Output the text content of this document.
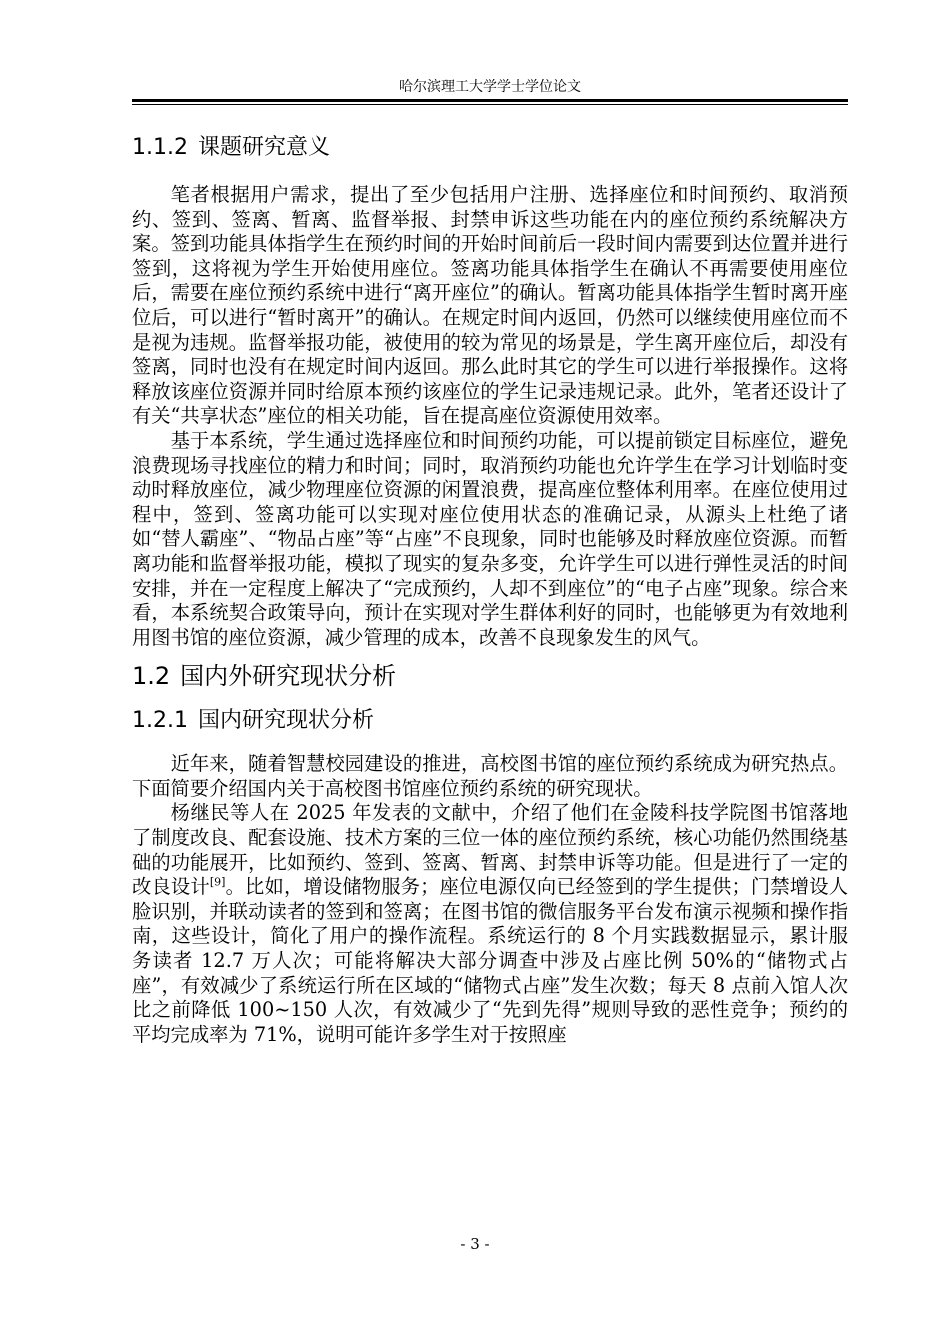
哈尔滨理工大学学士学位论文
1.1.2 课题研究意义

笔者根据用户需求，提出了至少包括用户注册、选择座位和时间预约、取消预约、签到、签离、暂离、监督举报、封禁申诉这些功能在内的座位预约系统解决方案。签到功能具体指学生在预约时间的开始时间前后一段时间内需要到达位置并进行签到，这将视为学生开始使用座位。签离功能具体指学生在确认不再需要使用座位后，需要在座位预约系统中进行“离开座位”的确认。暂离功能具体指学生暂时离开座位后，可以进行“暂时离开”的确认。在规定时间内返回，仍然可以继续使用座位而不是视为违规。监督举报功能，被使用的较为常见的场景是，学生离开座位后，却没有签离，同时也没有在规定时间内返回。那么此时其它的学生可以进行举报操作。这将释放该座位资源并同时给原本预约该座位的学生记录违规记录。此外，笔者还设计了有关“共享状态”座位的相关功能，旨在提高座位资源使用效率。

基于本系统，学生通过选择座位和时间预约功能，可以提前锁定目标座位，避免浪费现场寻找座位的精力和时间；同时，取消预约功能也允许学生在学习计划临时变动时释放座位，减少物理座位资源的闲置浪费，提高座位整体利用率。在座位使用过程中，签到、签离功能可以实现对座位使用状态的准确记录，从源头上杜绝了诸如“替人霸座”、“物品占座”等“占座”不良现象，同时也能够及时释放座位资源。而暂离功能和监督举报功能，模拟了现实的复杂多变，允许学生可以进行弹性灵活的时间安排，并在一定程度上解决了“完成预约，人却不到座位”的“电子占座”现象。综合来看，本系统契合政策导向，预计在实现对学生群体利好的同时，也能够更为有效地利用图书馆的座位资源，减少管理的成本，改善不良现象发生的风气。

1.2 国内外研究现状分析
1.2.1 国内研究现状分析

近年来，随着智慧校园建设的推进，高校图书馆的座位预约系统成为研究热点。下面简要介绍国内关于高校图书馆座位预约系统的研究现状。

杨继民等人在 2025 年发表的文献中，介绍了他们在金陵科技学院图书馆落地了制度改良、配套设施、技术方案的三位一体的座位预约系统，核心功能仍然围绕基础的功能展开，比如预约、签到、签离、暂离、封禁申诉等功能。但是进行了一定的改良设计[9]。比如，增设储物服务；座位电源仅向已经签到的学生提供；门禁增设人脸识别，并联动读者的签到和签离；在图书馆的微信服务平台发布演示视频和操作指南，这些设计，简化了用户的操作流程。系统运行的 8 个月实践数据显示，累计服务读者 12.7 万人次；可能将解决大部分调查中涉及占座比例 50%的“储物式占座”，有效减少了系统运行所在区域的“储物式占座”发生次数；每天 8 点前入馆人次比之前降低 100~150 人次，有效减少了“先到先得”规则导致的恶性竞争；预约的平均完成率为 71%，说明可能许多学生对于按照座

- 3 -
